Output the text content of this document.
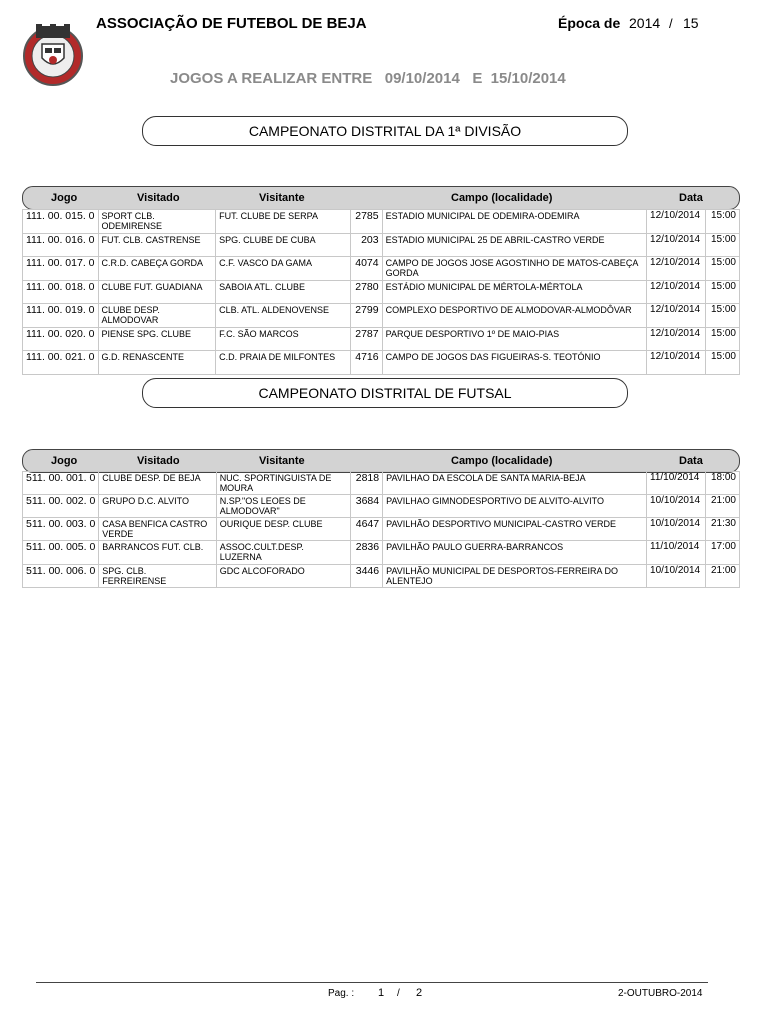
ASSOCIAÇÃO DE FUTEBOL DE BEJA	Época de 2014 / 15
JOGOS A REALIZAR ENTRE   09/10/2014   E  15/10/2014
CAMPEONATO DISTRITAL DA 1ª DIVISÃO
Jogo	Visitado	Visitante	Campo (localidade)	Data
111. 00. 015. 0	SPORT CLB. ODEMIRENSE	FUT. CLUBE DE SERPA	2785	ESTADIO MUNICIPAL DE ODEMIRA-ODEMIRA	12/10/2014	15:00
111. 00. 016. 0	FUT. CLB. CASTRENSE	SPG. CLUBE DE CUBA	203	ESTADIO MUNICIPAL 25 DE ABRIL-CASTRO VERDE	12/10/2014	15:00
111. 00. 017. 0	C.R.D. CABEÇA GORDA	C.F. VASCO DA GAMA	4074	CAMPO DE JOGOS JOSE AGOSTINHO DE MATOS-CABEÇA GORDA	12/10/2014	15:00
111. 00. 018. 0	CLUBE FUT. GUADIANA	SABOIA ATL. CLUBE	2780	ESTÁDIO MUNICIPAL DE MÉRTOLA-MÉRTOLA	12/10/2014	15:00
111. 00. 019. 0	CLUBE DESP. ALMODOVAR	CLB. ATL. ALDENOVENSE	2799	COMPLEXO DESPORTIVO DE ALMODOVAR-ALMODÔVAR	12/10/2014	15:00
111. 00. 020. 0	PIENSE SPG. CLUBE	F.C. SÃO MARCOS	2787	PARQUE DESPORTIVO 1º DE MAIO-PIAS	12/10/2014	15:00
111. 00. 021. 0	G.D. RENASCENTE	C.D. PRAIA DE MILFONTES	4716	CAMPO DE JOGOS DAS FIGUEIRAS-S. TEOTÓNIO	12/10/2014	15:00
CAMPEONATO DISTRITAL DE FUTSAL
Jogo	Visitado	Visitante	Campo (localidade)	Data
511. 00. 001. 0	CLUBE DESP. DE BEJA	NUC. SPORTINGUISTA DE MOURA	2818	PAVILHAO DA ESCOLA DE SANTA MARIA-BEJA	11/10/2014	18:00
511. 00. 002. 0	GRUPO D.C. ALVITO	N.SP."OS LEOES DE ALMODOVAR"	3684	PAVILHAO GIMNODESPORTIVO DE ALVITO-ALVITO	10/10/2014	21:00
511. 00. 003. 0	CASA BENFICA CASTRO VERDE	OURIQUE DESP. CLUBE	4647	PAVILHÃO DESPORTIVO MUNICIPAL-CASTRO VERDE	10/10/2014	21:30
511. 00. 005. 0	BARRANCOS FUT. CLB.	ASSOC.CULT.DESP. LUZERNA	2836	PAVILHÃO PAULO GUERRA-BARRANCOS	11/10/2014	17:00
511. 00. 006. 0	SPG. CLB. FERREIRENSE	GDC ALCOFORADO	3446	PAVILHÃO MUNICIPAL DE DESPORTOS-FERREIRA DO ALENTEJO	10/10/2014	21:00
Pag. : 1 / 2	2-OUTUBRO-2014
